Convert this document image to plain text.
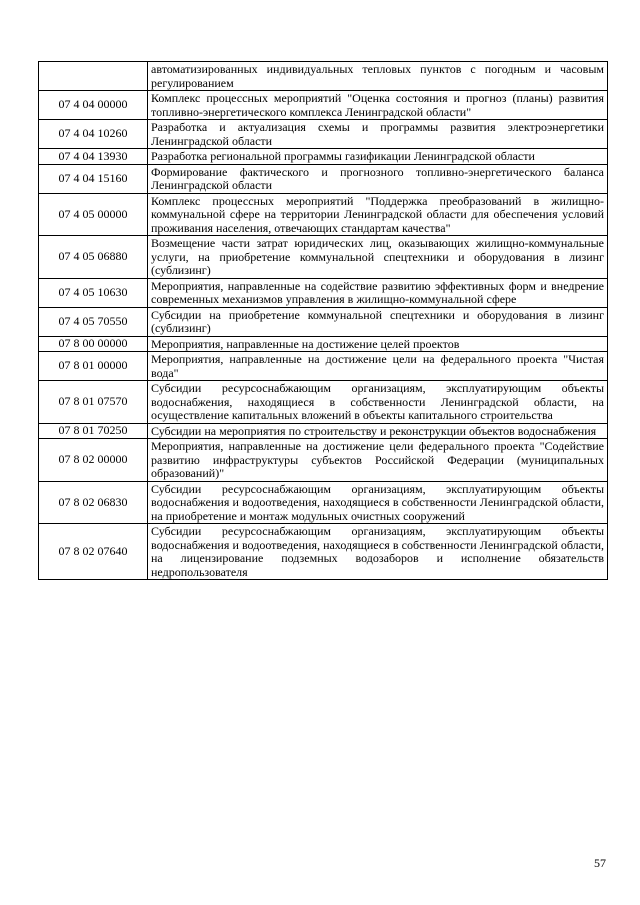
	автоматизированных индивидуальных тепловых пунктов с погодным и часовым регулированием
07 4 04 00000	Комплекс процессных мероприятий "Оценка состояния и прогноз (планы) развития топливно-энергетического комплекса Ленинградской области"
07 4 04 10260	Разработка и актуализация схемы и программы развития электроэнергетики Ленинградской области
07 4 04 13930	Разработка региональной программы газификации Ленинградской области
07 4 04 15160	Формирование фактического и прогнозного топливно-энергетического баланса Ленинградской области
07 4 05 00000	Комплекс процессных мероприятий "Поддержка преобразований в жилищно-коммунальной сфере на территории Ленинградской области для обеспечения условий проживания населения, отвечающих стандартам качества"
07 4 05 06880	Возмещение части затрат юридических лиц, оказывающих жилищно-коммунальные услуги, на приобретение коммунальной спецтехники и оборудования в лизинг (сублизинг)
07 4 05 10630	Мероприятия, направленные на содействие развитию эффективных форм и внедрение современных механизмов управления в жилищно-коммунальной сфере
07 4 05 70550	Субсидии на приобретение коммунальной спецтехники и оборудования в лизинг (сублизинг)
07 8 00 00000	Мероприятия, направленные на достижение целей проектов
07 8 01 00000	Мероприятия, направленные на достижение цели на федерального проекта "Чистая вода"
07 8 01 07570	Субсидии ресурсоснабжающим организациям, эксплуатирующим объекты водоснабжения, находящиеся в собственности Ленинградской области, на осуществление капитальных вложений в объекты капитального строительства
07 8 01 70250	Субсидии на мероприятия по строительству и реконструкции объектов водоснабжения
07 8 02 00000	Мероприятия, направленные на достижение цели федерального проекта "Содействие развитию инфраструктуры субъектов Российской Федерации (муниципальных образований)"
07 8 02 06830	Субсидии ресурсоснабжающим организациям, эксплуатирующим объекты водоснабжения и водоотведения, находящиеся в собственности Ленинградской области, на приобретение и монтаж модульных очистных сооружений
07 8 02 07640	Субсидии ресурсоснабжающим организациям, эксплуатирующим объекты водоснабжения и водоотведения, находящиеся в собственности Ленинградской области, на лицензирование подземных водозаборов и исполнение обязательств недропользователя
57
